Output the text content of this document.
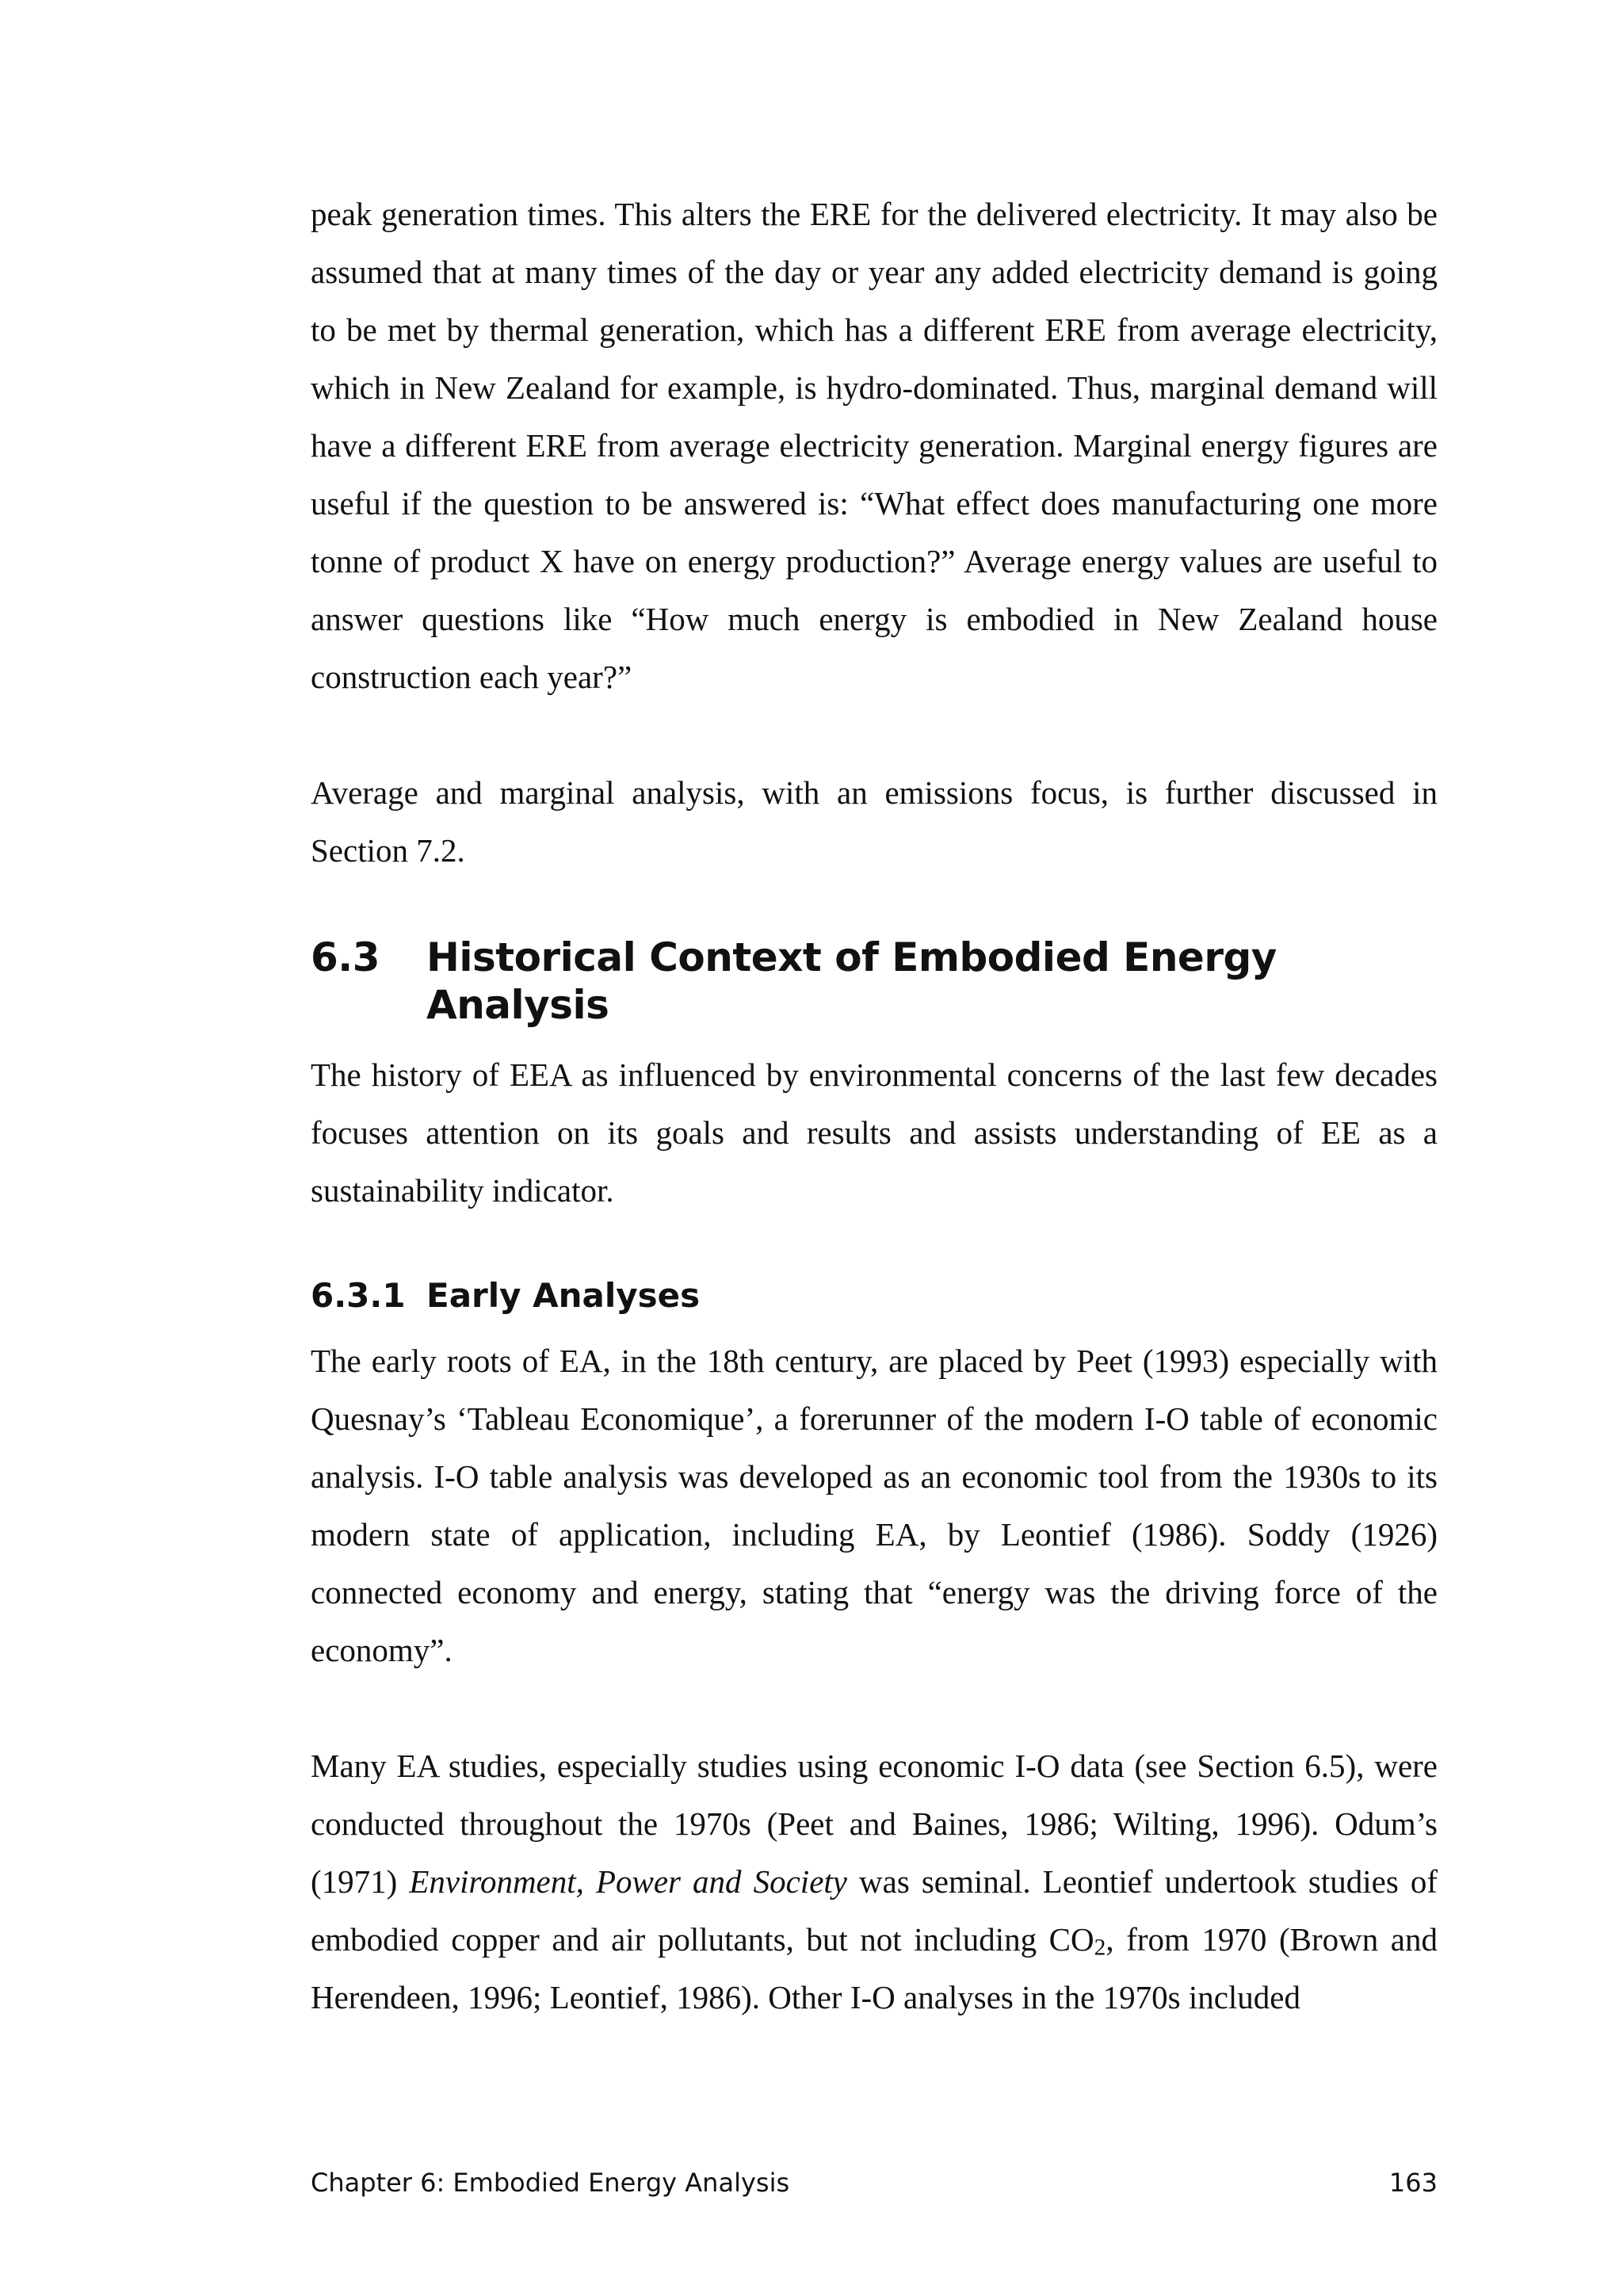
peak generation times. This alters the ERE for the delivered electricity. It may also be assumed that at many times of the day or year any added electricity demand is going to be met by thermal generation, which has a different ERE from average electricity, which in New Zealand for example, is hydro-dominated. Thus, marginal demand will have a different ERE from average electricity generation. Marginal energy figures are useful if the question to be answered is: “What effect does manufacturing one more tonne of product X have on energy production?” Average energy values are useful to answer questions like “How much energy is embodied in New Zealand house construction each year?”

Average and marginal analysis, with an emissions focus, is further discussed in Section 7.2.

6.3	Historical Context of Embodied Energy Analysis

The history of EEA as influenced by environmental concerns of the last few decades focuses attention on its goals and results and assists understanding of EE as a sustainability indicator.

6.3.1 Early Analyses

The early roots of EA, in the 18th century, are placed by Peet (1993) especially with Quesnay’s ‘Tableau Economique’, a forerunner of the modern I-O table of economic analysis. I-O table analysis was developed as an economic tool from the 1930s to its modern state of application, including EA, by Leontief (1986). Soddy (1926) connected economy and energy, stating that “energy was the driving force of the economy”.

Many EA studies, especially studies using economic I-O data (see Section 6.5), were conducted throughout the 1970s (Peet and Baines, 1986; Wilting, 1996). Odum’s (1971) Environment, Power and Society was seminal. Leontief undertook studies of embodied copper and air pollutants, but not including $CO_2$, from 1970 (Brown and Herendeen, 1996; Leontief, 1986). Other I-O analyses in the 1970s included

Chapter 6: Embodied Energy Analysis	163
